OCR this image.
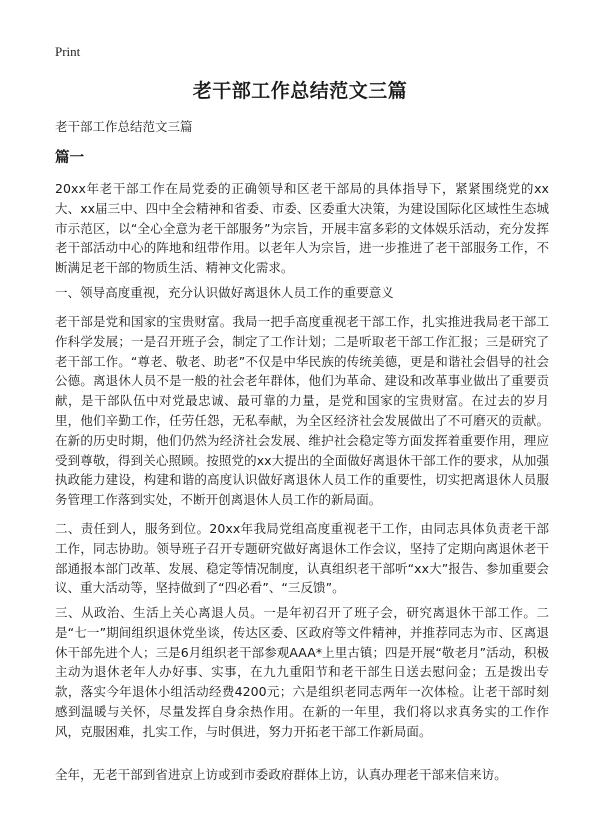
Print
老干部工作总结范文三篇

老干部工作总结范文三篇

篇一

20xx年老干部工作在局党委的正确领导和区老干部局的具体指导下，紧紧围绕党的xx大、xx届三中、四中全会精神和省委、市委、区委重大决策，为建设国际化区域性生态城市示范区，以“全心全意为老干部服务”为宗旨，开展丰富多彩的文体娱乐活动，充分发挥老干部活动中心的阵地和纽带作用。以老年人为宗旨，进一步推进了老干部服务工作，不断满足老干部的物质生活、精神文化需求。

一、领导高度重视，充分认识做好离退休人员工作的重要意义

老干部是党和国家的宝贵财富。我局一把手高度重视老干部工作，扎实推进我局老干部工作科学发展；一是召开班子会，制定了工作计划；二是听取老干部工作汇报；三是研究了老干部工作。“尊老、敬老、助老”不仅是中华民族的传统美德，更是和谐社会倡导的社会公德。离退休人员不是一般的社会老年群体，他们为革命、建设和改革事业做出了重要贡献，是干部队伍中对党最忠诚、最可靠的力量，是党和国家的宝贵财富。在过去的岁月里，他们辛勤工作，任劳任怨，无私奉献，为全区经济社会发展做出了不可磨灭的贡献。在新的历史时期，他们仍然为经济社会发展、维护社会稳定等方面发挥着重要作用，理应受到尊敬，得到关心照顾。按照党的xx大提出的全面做好离退休干部工作的要求，从加强执政能力建设，构建和谐的高度认识做好离退休人员工作的重要性，切实把离退休人员服务管理工作落到实处，不断开创离退休人员工作的新局面。

二、责任到人，服务到位。20xx年我局党组高度重视老干工作，由同志具体负责老干部工作，同志协助。领导班子召开专题研究做好离退休工作会议，坚持了定期向离退休老干部通报本部门改革、发展、稳定等情况制度，认真组织老干部听“xx大”报告、参加重要会议、重大活动等，坚持做到了“四必看”、“三反馈”。

三、从政治、生活上关心离退人员。一是年初召开了班子会，研究离退休干部工作。二是“七一”期间组织退休党坐谈，传达区委、区政府等文件精神，并推荐同志为市、区离退休干部先进个人；三是6月组织老干部参观AAA*上里古镇；四是开展“敬老月”活动，积极主动为退休老年人办好事、实事，在九九重阳节和老干部生日送去慰问金；五是拨出专款，落实今年退休小组活动经费4200元；六是组织老同志两年一次体检。让老干部时刻感到温暖与关怀，尽量发挥自身余热作用。在新的一年里，我们将以求真务实的工作作风，克服困难，扎实工作，与时俱进，努力开拓老干部工作新局面。

全年，无老干部到省进京上访或到市委政府群体上访，认真办理老干部来信来访。
